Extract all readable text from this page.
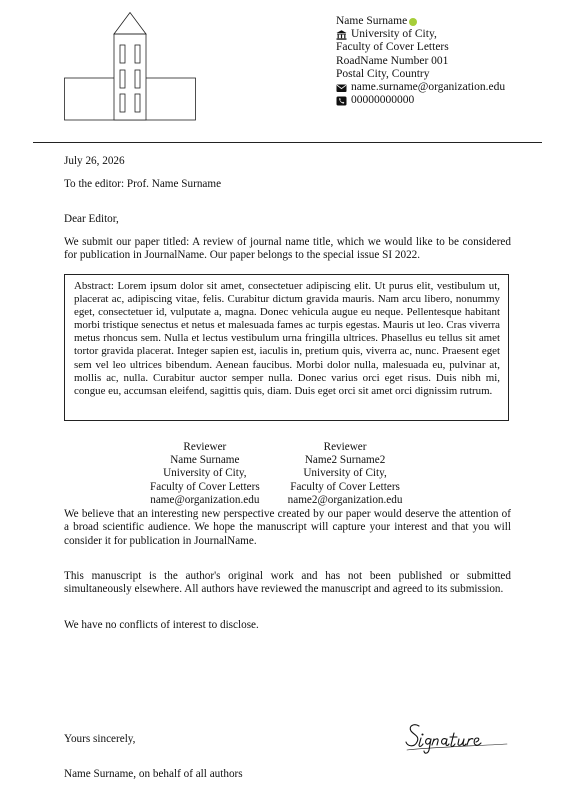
Name Surname
University of City,
Faculty of Cover Letters
RoadName Number 001
Postal City, Country
name.surname@organization.edu
00000000000
July 26, 2026
To the editor: Prof. Name Surname
Dear Editor,
We submit our paper titled: A review of journal name title, which we would like to be considered for publication in JournalName. Our paper belongs to the special issue SI 2022.

Abstract: Lorem ipsum dolor sit amet, consectetuer adipiscing elit. Ut purus elit, vestibulum ut, placerat ac, adipiscing vitae, felis. Curabitur dictum gravida mauris. Nam arcu libero, nonummy eget, consectetuer id, vulputate a, magna. Donec vehicula augue eu neque. Pellentesque habitant morbi tristique senectus et netus et malesuada fames ac turpis egestas. Mauris ut leo. Cras viverra metus rhoncus sem. Nulla et lectus vestibulum urna fringilla ultrices. Phasellus eu tellus sit amet tortor gravida placerat. Integer sapien est, iaculis in, pretium quis, viverra ac, nunc. Praesent eget sem vel leo ultrices bibendum. Aenean faucibus. Morbi dolor nulla, malesuada eu, pulvinar at, mollis ac, nulla. Curabitur auctor semper nulla. Donec varius orci eget risus. Duis nibh mi, congue eu, accumsan eleifend, sagittis quis, diam. Duis eget orci sit amet orci dignissim rutrum.

Reviewer
Name Surname
University of City,
Faculty of Cover Letters
name@organization.edu
Reviewer
Name2 Surname2
University of City,
Faculty of Cover Letters
name2@organization.edu
We believe that an interesting new perspective created by our paper would deserve the attention of a broad scientific audience. We hope the manuscript will capture your interest and that you will consider it for publication in JournalName.
This manuscript is the author's original work and has not been published or submitted simultaneously elsewhere. All authors have reviewed the manuscript and agreed to its submission.
We have no conflicts of interest to disclose.
Yours sincerely,
Name Surname, on behalf of all authors
